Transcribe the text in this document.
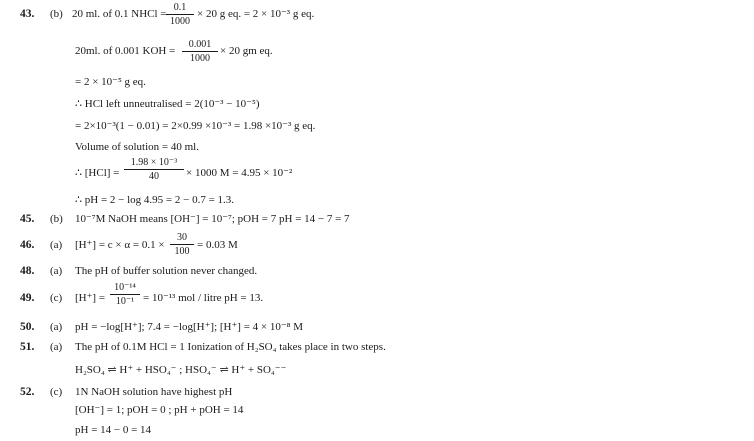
43. (b) 20 ml. of 0.1 NHCl =
0.1
1000
× 20 g eq. = 2 × 10⁻³ g eq.
20ml. of 0.001 KOH =
0.001
1000
× 20 gm eq.
= 2 × 10⁻⁵ g eq.
∴ HCl left unneutralised = 2(10⁻³ − 10⁻⁵)
= 2×10⁻³(1 − 0.01) = 2×0.99 ×10⁻³ = 1.98 ×10⁻³ g eq.
Volume of solution = 40 ml.
∴ [HCl] =
1.98 × 10⁻³
40	× 1000 M = 4.95 × 10⁻²
∴ pH = 2 − log 4.95 = 2 − 0.7 = 1.3.
45. (b) 10⁻⁷M NaOH means [OH⁻] = 10⁻⁷; pOH = 7 pH = 14 − 7 = 7
46. (a) [H⁺] = c × α = 0.1 ×
30
100
= 0.03 M
48. (a) The pH of buffer solution never changed.
49. (c) [H⁺] =
10⁻¹⁴
10⁻¹ = 10⁻¹³ mol / litre pH = 13.
50. (a) pH = −log[H⁺]; 7.4 = −log[H⁺]; [H⁺] = 4 × 10⁻⁸ M
51. (a) The pH of 0.1M HCl = 1 Ionization of H₂SO₄ takes place in two steps.
H₂SO₄ ⇌ H⁺ + HSO₄⁻ ; HSO₄⁻ ⇌ H⁺ + SO₄⁻⁻
52. (c) 1N NaOH solution have highest pH
[OH⁻] = 1; pOH = 0 ; pH + pOH = 14
pH = 14 − 0 = 14
